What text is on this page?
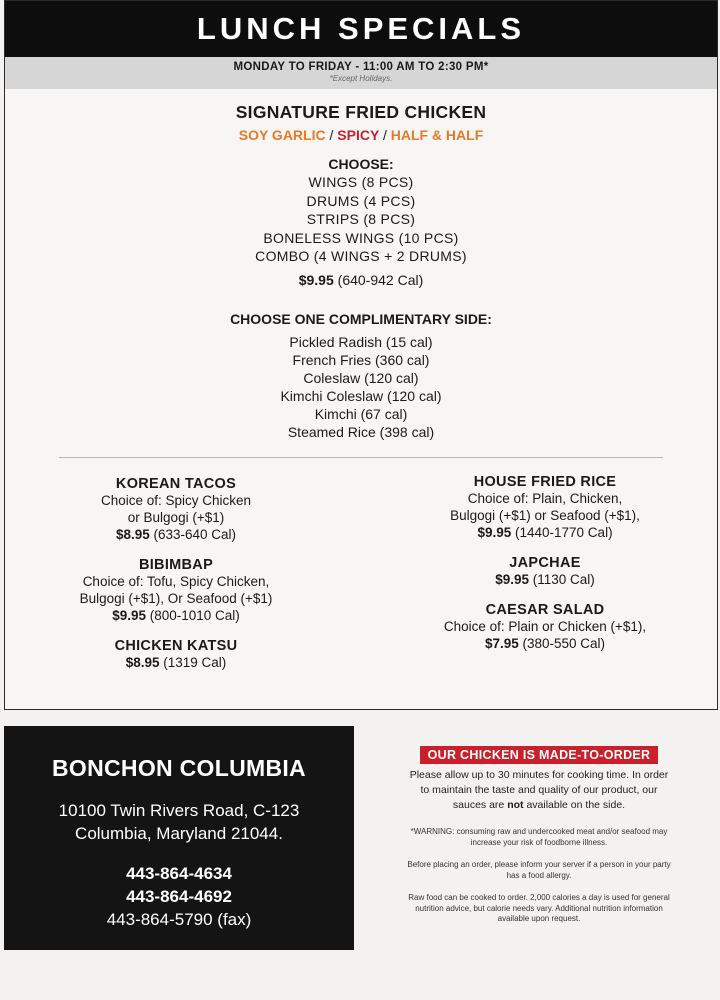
LUNCH SPECIALS
MONDAY TO FRIDAY - 11:00 AM TO 2:30 PM*
*Except Holidays.
SIGNATURE FRIED CHICKEN
SOY GARLIC / SPICY / HALF & HALF
CHOOSE:
WINGS (8 PCS)
DRUMS (4 PCS)
STRIPS (8 PCS)
BONELESS WINGS (10 PCS)
COMBO (4 WINGS + 2 DRUMS)
$9.95 (640-942 Cal)
CHOOSE ONE COMPLIMENTARY SIDE:
Pickled Radish (15 cal)
French Fries (360 cal)
Coleslaw (120 cal)
Kimchi Coleslaw (120 cal)
Kimchi (67 cal)
Steamed Rice (398 cal)
KOREAN TACOS
Choice of: Spicy Chicken
or Bulgogi (+$1)
$8.95 (633-640 Cal)
BIBIMBAP
Choice of: Tofu, Spicy Chicken,
Bulgogi (+$1), Or Seafood (+$1)
$9.95 (800-1010 Cal)
CHICKEN KATSU
$8.95 (1319 Cal)
HOUSE FRIED RICE
Choice of: Plain, Chicken,
Bulgogi (+$1) or Seafood (+$1),
$9.95 (1440-1770 Cal)
JAPCHAE
$9.95 (1130 Cal)
CAESAR SALAD
Choice of: Plain or Chicken (+$1),
$7.95 (380-550 Cal)
BONCHON COLUMBIA
10100 Twin Rivers Road, C-123
Columbia, Maryland 21044.
443-864-4634
443-864-4692
443-864-5790 (fax)
OUR CHICKEN IS MADE-TO-ORDER
Please allow up to 30 minutes for cooking time. In order to maintain the taste and quality of our product, our sauces are not available on the side.
*WARNING: consuming raw and undercooked meat and/or seafood may increase your risk of foodborne illness.
Before placing an order, please inform your server if a person in your party has a food allergy.
Raw food can be cooked to order. 2,000 calories a day is used for general nutrition advice, but calorie needs vary. Additional nutrition information available upon request.
